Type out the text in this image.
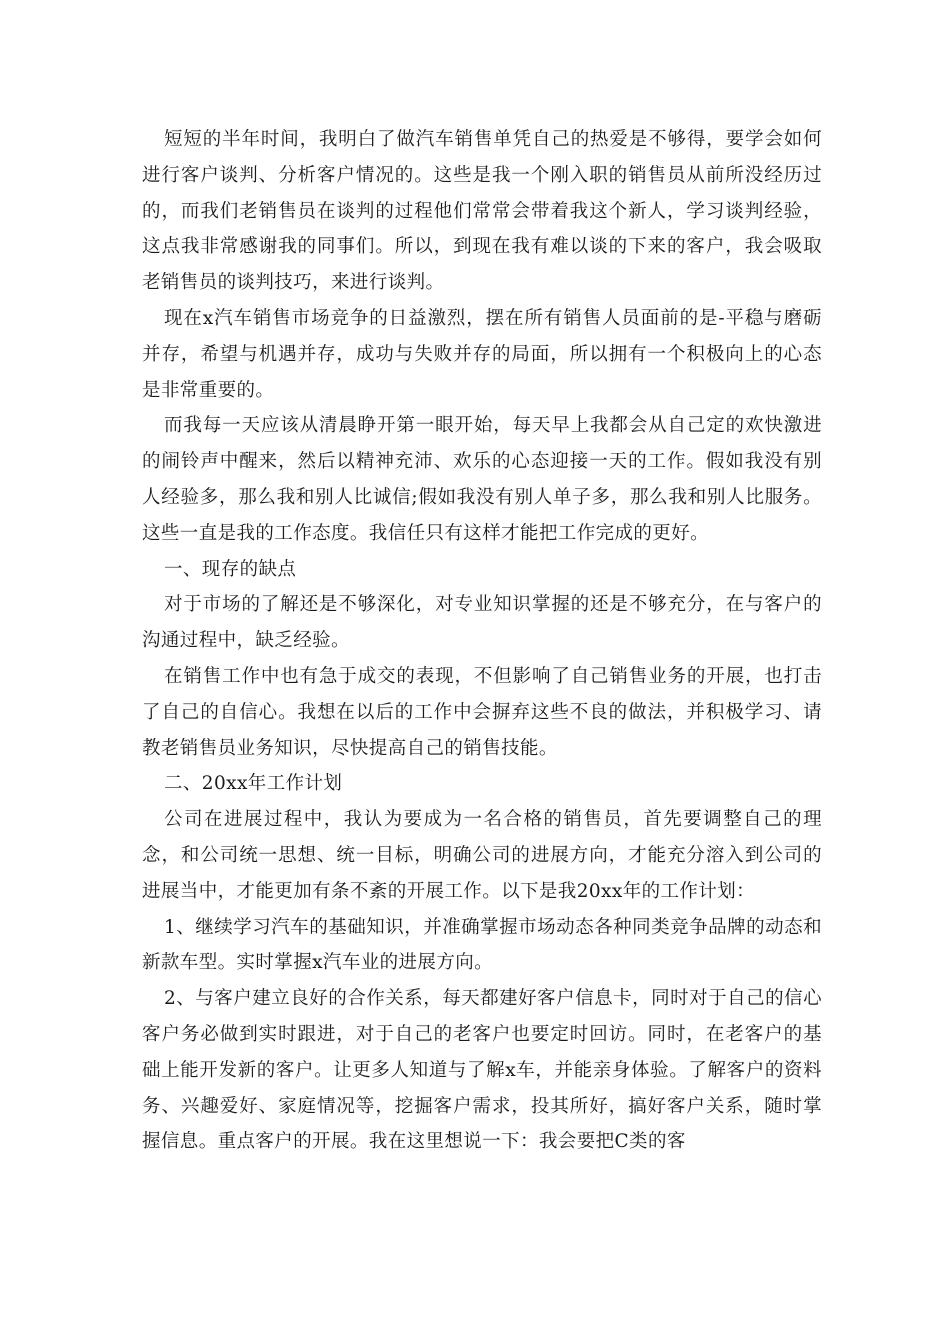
短短的半年时间，我明白了做汽车销售单凭自己的热爱是不够得，要学会如何进行客户谈判、分析客户情况的。这些是我一个刚入职的销售员从前所没经历过的，而我们老销售员在谈判的过程他们常常会带着我这个新人，学习谈判经验，这点我非常感谢我的同事们。所以，到现在我有难以谈的下来的客户，我会吸取老销售员的谈判技巧，来进行谈判。

现在x汽车销售市场竞争的日益激烈，摆在所有销售人员面前的是-平稳与磨砺并存，希望与机遇并存，成功与失败并存的局面，所以拥有一个积极向上的心态是非常重要的。

而我每一天应该从清晨睁开第一眼开始，每天早上我都会从自己定的欢快激进的闹铃声中醒来，然后以精神充沛、欢乐的心态迎接一天的工作。假如我没有别人经验多，那么我和别人比诚信;假如我没有别人单子多，那么我和别人比服务。这些一直是我的工作态度。我信任只有这样才能把工作完成的更好。

一、现存的缺点

对于市场的了解还是不够深化，对专业知识掌握的还是不够充分，在与客户的沟通过程中，缺乏经验。

在销售工作中也有急于成交的表现，不但影响了自己销售业务的开展，也打击了自己的自信心。我想在以后的工作中会摒弃这些不良的做法，并积极学习、请教老销售员业务知识，尽快提高自己的销售技能。

二、20xx年工作计划

公司在进展过程中，我认为要成为一名合格的销售员，首先要调整自己的理念，和公司统一思想、统一目标，明确公司的进展方向，才能充分溶入到公司的进展当中，才能更加有条不紊的开展工作。以下是我20xx年的工作计划：

1、继续学习汽车的基础知识，并准确掌握市场动态各种同类竞争品牌的动态和新款车型。实时掌握x汽车业的进展方向。

2、与客户建立良好的合作关系，每天都建好客户信息卡，同时对于自己的信心客户务必做到实时跟进，对于自己的老客户也要定时回访。同时，在老客户的基础上能开发新的客户。让更多人知道与了解x车，并能亲身体验。了解客户的资料务、兴趣爱好、家庭情况等，挖掘客户需求，投其所好，搞好客户关系，随时掌握信息。重点客户的开展。我在这里想说一下：我会要把C类的客
